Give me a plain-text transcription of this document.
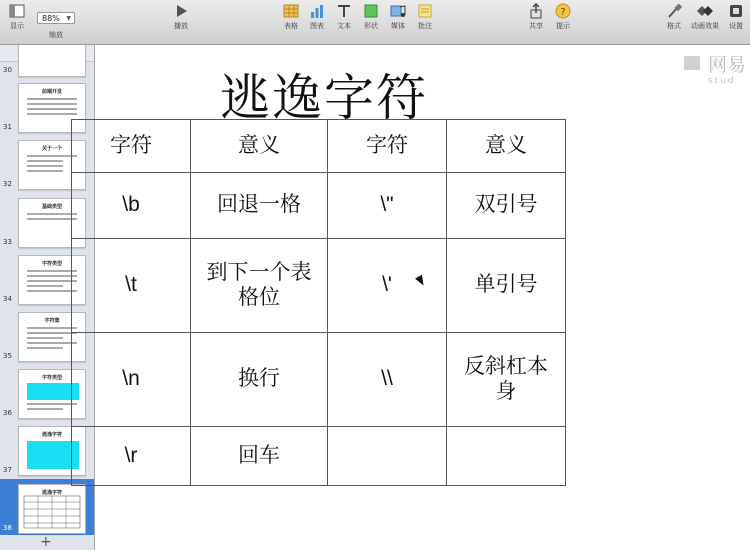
显示
88% ▼
缩放
播放	表格	图表	文本	形状	媒体	批注	共享
?
提示	格式	动画效果	设置
30
前端开发
31
关于一个
32
基础类型
33
字符类型
34
字符集
35
字符类型
36
逃逸字符
37
逃逸字符
38
+
网易
stud
逃逸字符
字符	意义	字符	意义
\b	回退一格	\"	双引号
\t	到下一个表格位	\'	单引号
\n	换行	\\	反斜杠本身
\r	回车		
